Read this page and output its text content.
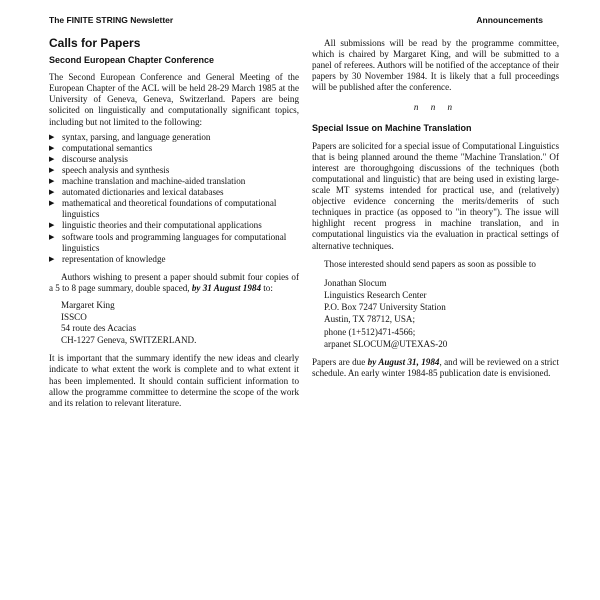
The FINITE STRING Newsletter	Announcements
Calls for Papers
Second European Chapter Conference

The Second European Conference and General Meeting of the European Chapter of the ACL will be held 28-29 March 1985 at the University of Geneva, Geneva, Switzerland. Papers are being solicited on linguistically and computationally significant topics, including but not limited to the following:

▶ syntax, parsing, and language generation
▶ computational semantics
▶ discourse analysis
▶ speech analysis and synthesis
▶ machine translation and machine-aided translation
▶ automated dictionaries and lexical databases
▶ mathematical and theoretical foundations of computational linguistics
▶ linguistic theories and their computational applications
▶ software tools and programming languages for computational linguistics
▶ representation of knowledge

Authors wishing to present a paper should submit four copies of a 5 to 8 page summary, double spaced, by 31 August 1984 to:

Margaret King
ISSCO
54 route des Acacias
CH-1227 Geneva, SWITZERLAND.

It is important that the summary identify the new ideas and clearly indicate to what extent the work is complete and to what extent it has been implemented. It should contain sufficient information to allow the programme committee to determine the scope of the work and its relation to relevant literature.

All submissions will be read by the programme committee, which is chaired by Margaret King, and will be submitted to a panel of referees. Authors will be notified of the acceptance of their papers by 30 November 1984. It is likely that a full proceedings will be published after the conference.

n n n
Special Issue on Machine Translation

Papers are solicited for a special issue of Computational Linguistics that is being planned around the theme "Machine Translation." Of interest are thoroughgoing discussions of the techniques (both computational and linguistic) that are being used in existing large-scale MT systems intended for practical use, and (relatively) objective evidence concerning the merits/demerits of such techniques in practice (as opposed to "in theory"). The issue will highlight recent progress in machine translation, and in computational linguistics via the evaluation in practical settings of alternative techniques.

Those interested should send papers as soon as possible to

Jonathan Slocum
Linguistics Research Center
P.O. Box 7247 University Station
Austin, TX 78712, USA;
phone (1+512)471-4566;
arpanet SLOCUM@UTEXAS-20

Papers are due by August 31, 1984, and will be reviewed on a strict schedule. An early winter 1984-85 publication date is envisioned.
